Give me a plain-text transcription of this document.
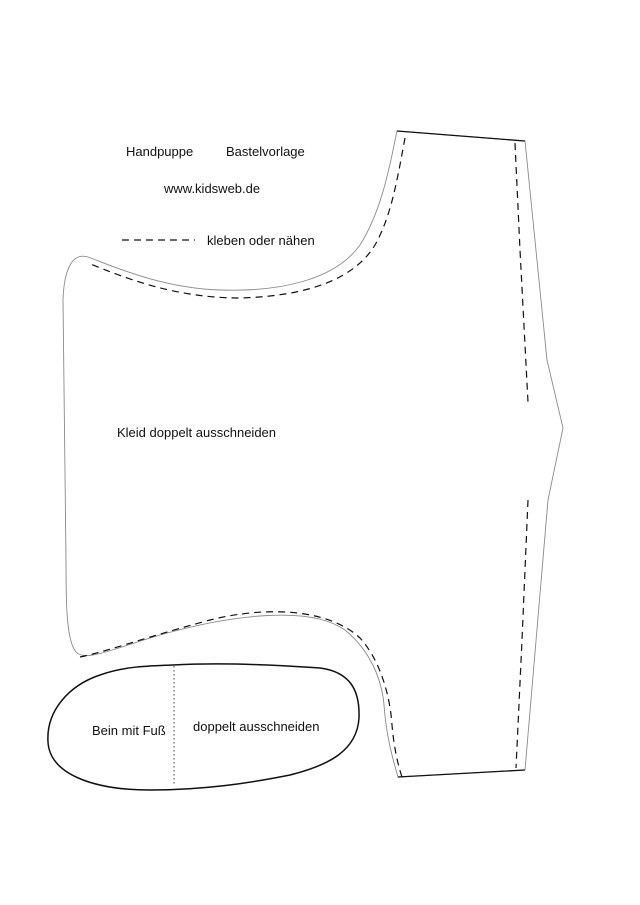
Handpuppe	Bastelvorlage
www.kidsweb.de
kleben oder nähen
Kleid doppelt ausschneiden
Bein mit Fuß doppelt ausschneiden
